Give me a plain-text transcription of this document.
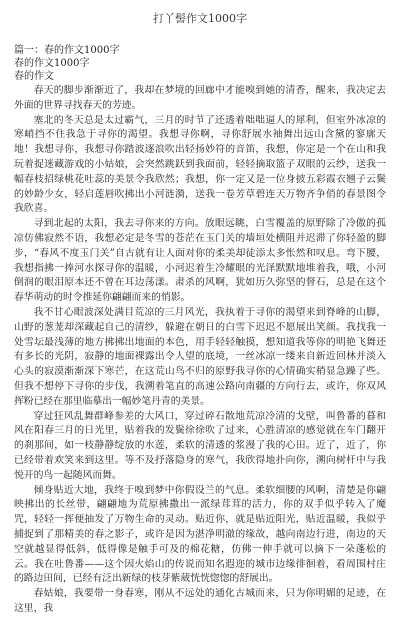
打丫髻作文1000字
篇一：春的作文1000字
春的作文1000字
春的作文

春天的脚步渐渐近了，我却在梦境的回廊中才能嗅到她的清香，醒来，我决定去外面的世界寻找春天的芳迹。

塞北的冬天总是太过霸气，三月的时节了还透着咄咄逼人的犀利，但室外冰凉的寒峭挡不住我急于寻你的渴望。我想寻你啊，寻你舒展水袖舞出远山含黛的寥廓天地！我想寻你，我想寻你踏波逐浪吹出轻扬妙符的音笛，我想，你定是一个在山和我玩着捉迷藏游戏的小姑娘，会突然跳跃到我面前，轻轻摘取篮子双眼的云纱，送我一幅春枝招绿桃花吐蕊的美景令我欣然；我想，你一定又是一位身披五彩霞衣翘子云鬓的妙龄少女，轻启莲唇吹拂出小河涟漪，送我一卷芳草碧连天万物齐争俏的春景图令我欣喜。

寻到北起的太阳，我去寻你来的方向。放眼远眺，白雪覆盖的原野除了冷傲的孤凉仿佛寂然不语，我想必定是冬雪的苍茫在玉门关的墙垣处横阻并迟滞了你轻盈的脚步，“春风不度玉门关”自古就有让人面对你的柔美却徒添太多怅然和叹息。弯下腰，我想指拂一捧河水探寻你的温暖，小河迟着生冷耀眼的光泽默默地堆着我，哦，小河倒润的眼泪原本还不曾在耳边荡漾。肃杀的风啊，犹如历久弥坚的督石，总是在这个春华萌动的时令推延你翩翩而来的悄影。

我不甘心眼波深处满目荒凉的三月风光，我执着于寻你的渴望来到脊峰的山脚，山野的葱茏却深藏起自己的清纱，躲避在朝日的白雪下迟迟不愿展出笑颜。我找我一处雪坛最浅薄的地方拂拂出地面的本色，用手轻轻触摸，想知道我等你的明艳飞舞还有多长的光阴，寂静的地面裸露出令人望的底境，一丝冰凉一缕来自新近回林并淡入心头的寂漠渐渐深下寒芒，在这荒山鸟不归的原野我寻你的心情确实稍显急躁了些。但我不想停下寻你的步伐，我溯着笔直的高速公路向南疆的方向行去，或许，你双风挥粉已经在那里临摹出一幅妙笔丹青的美景。

穿过狂风乱舞群峰参差的大风口，穿过碎石散地荒凉冷清的戈壁，叫鲁番的暮和风在阳春三月的日光里，贴着我的发鬓徐徐吹了过来，心胜清凉的感觉就在车门翻开的刹那间，如一枝静静绽放的水莲，柔软的清透的浆漫了我的心田。近了，近了，你已经带着欢笑来到这里。等不及抒落隐身的寒气，我欣得地扑向你，溯向树杆中与我悦开的鸟一起随风而舞。

倾身贴近大地，我终于嗅到梦中你假设兰的气息。柔软细腰的风啊，清楚是你翩映拂出的长丝带，翩翩地为荒原拂撒出一派绿茸茸的活力，你的双手似乎转入了魔咒，轻轻一挥便抽发了万物生命的灵动。贴近你，就是贴近阳光，贴近温暖，我似乎捕捉到了那精美的春之影子，或许是因为湛净明澈的缘故，越向南边行进，南边的天空就越显得低斜，低得像是触手可及的棉花糖，仿佛一伸手就可以摘下一朵蓬松的云。我在吐鲁番——这个因火焰山的传说而知名遐迩的城市边缘徘徊着，看周围村庄的路边田间，已经有泛出新绿的枝芽紫葳恍恍惚惚的舒展出。

春姑娘，我要带一身春寒，刚从不远处的通化古城而来，只为你明媚的足迹，在这里，我
